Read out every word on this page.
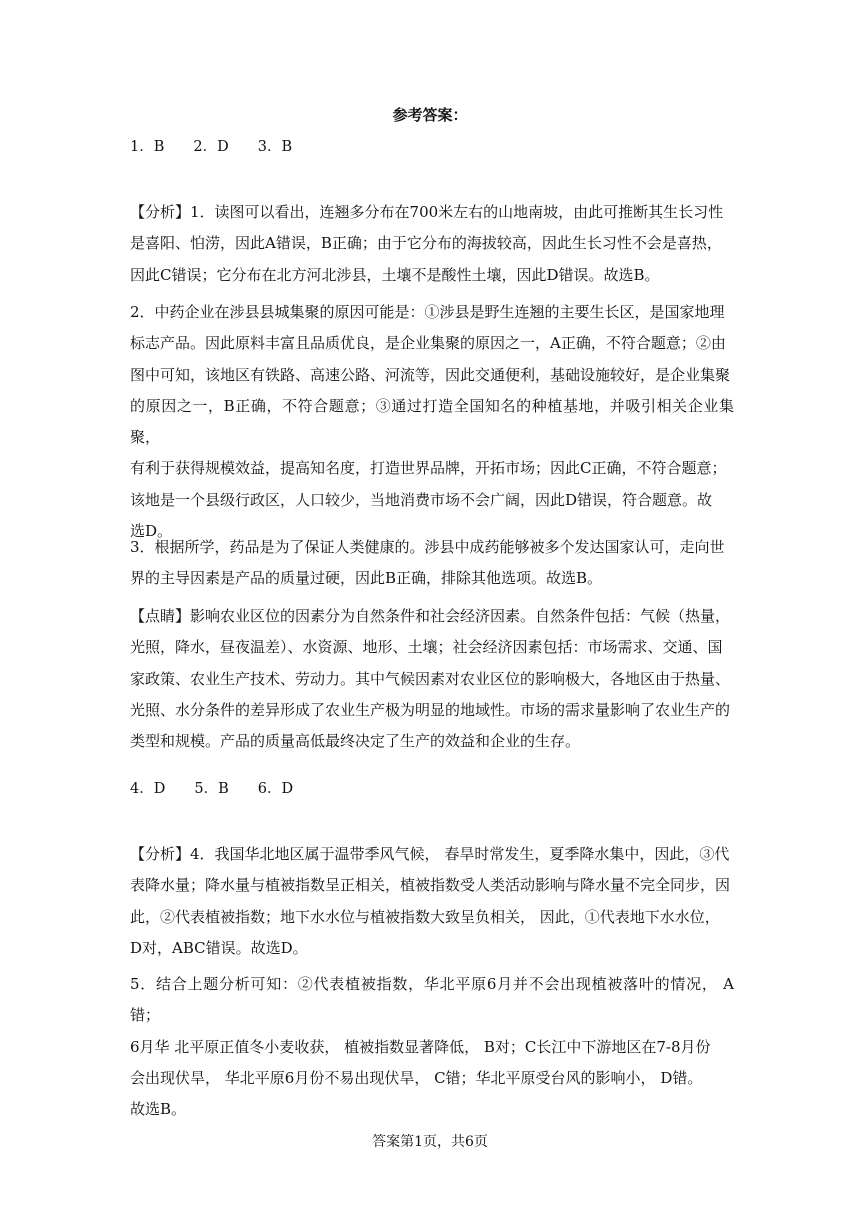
参考答案：
1．B　　2．D　　3．B

【分析】1．读图可以看出，连翘多分布在700米左右的山地南坡，由此可推断其生长习性
是喜阳、怕涝，因此A错误，B正确；由于它分布的海拔较高，因此生长习性不会是喜热，
因此C错误；它分布在北方河北涉县，土壤不是酸性土壤，因此D错误。故选B。

2．中药企业在涉县县城集聚的原因可能是：①涉县是野生连翘的主要生长区，是国家地理
标志产品。因此原料丰富且品质优良，是企业集聚的原因之一，A正确，不符合题意；②由
图中可知，该地区有铁路、高速公路、河流等，因此交通便利，基础设施较好，是企业集聚
的原因之一，B正确，不符合题意；③通过打造全国知名的种植基地，并吸引相关企业集聚，
有利于获得规模效益，提高知名度，打造世界品牌，开拓市场；因此C正确，不符合题意；
该地是一个县级行政区，人口较少，当地消费市场不会广阔，因此D错误，符合题意。故
选D。

3．根据所学，药品是为了保证人类健康的。涉县中成药能够被多个发达国家认可，走向世
界的主导因素是产品的质量过硬，因此B正确，排除其他选项。故选B。

【点睛】影响农业区位的因素分为自然条件和社会经济因素。自然条件包括：气候（热量，
光照，降水，昼夜温差）、水资源、地形、土壤；社会经济因素包括：市场需求、交通、国
家政策、农业生产技术、劳动力。其中气候因素对农业区位的影响极大，各地区由于热量、
光照、水分条件的差异形成了农业生产极为明显的地域性。市场的需求量影响了农业生产的
类型和规模。产品的质量高低最终决定了生产的效益和企业的生存。

4．D　　5．B　　6．D

【分析】4．我国华北地区属于温带季风气候， 春旱时常发生，夏季降水集中，因此，③代
表降水量；降水量与植被指数呈正相关，植被指数受人类活动影响与降水量不完全同步，因
此，②代表植被指数；地下水水位与植被指数大致呈负相关， 因此，①代表地下水水位，
D对，ABC错误。故选D。

5．结合上题分析可知：②代表植被指数，华北平原6月并不会出现植被落叶的情况， A错；
6月华 北平原正值冬小麦收获， 植被指数显著降低， B对；C长江中下游地区在7-8月份
会出现伏旱， 华北平原6月份不易出现伏旱， C错；华北平原受台风的影响小， D错。
故选B。

答案第1页，共6页
